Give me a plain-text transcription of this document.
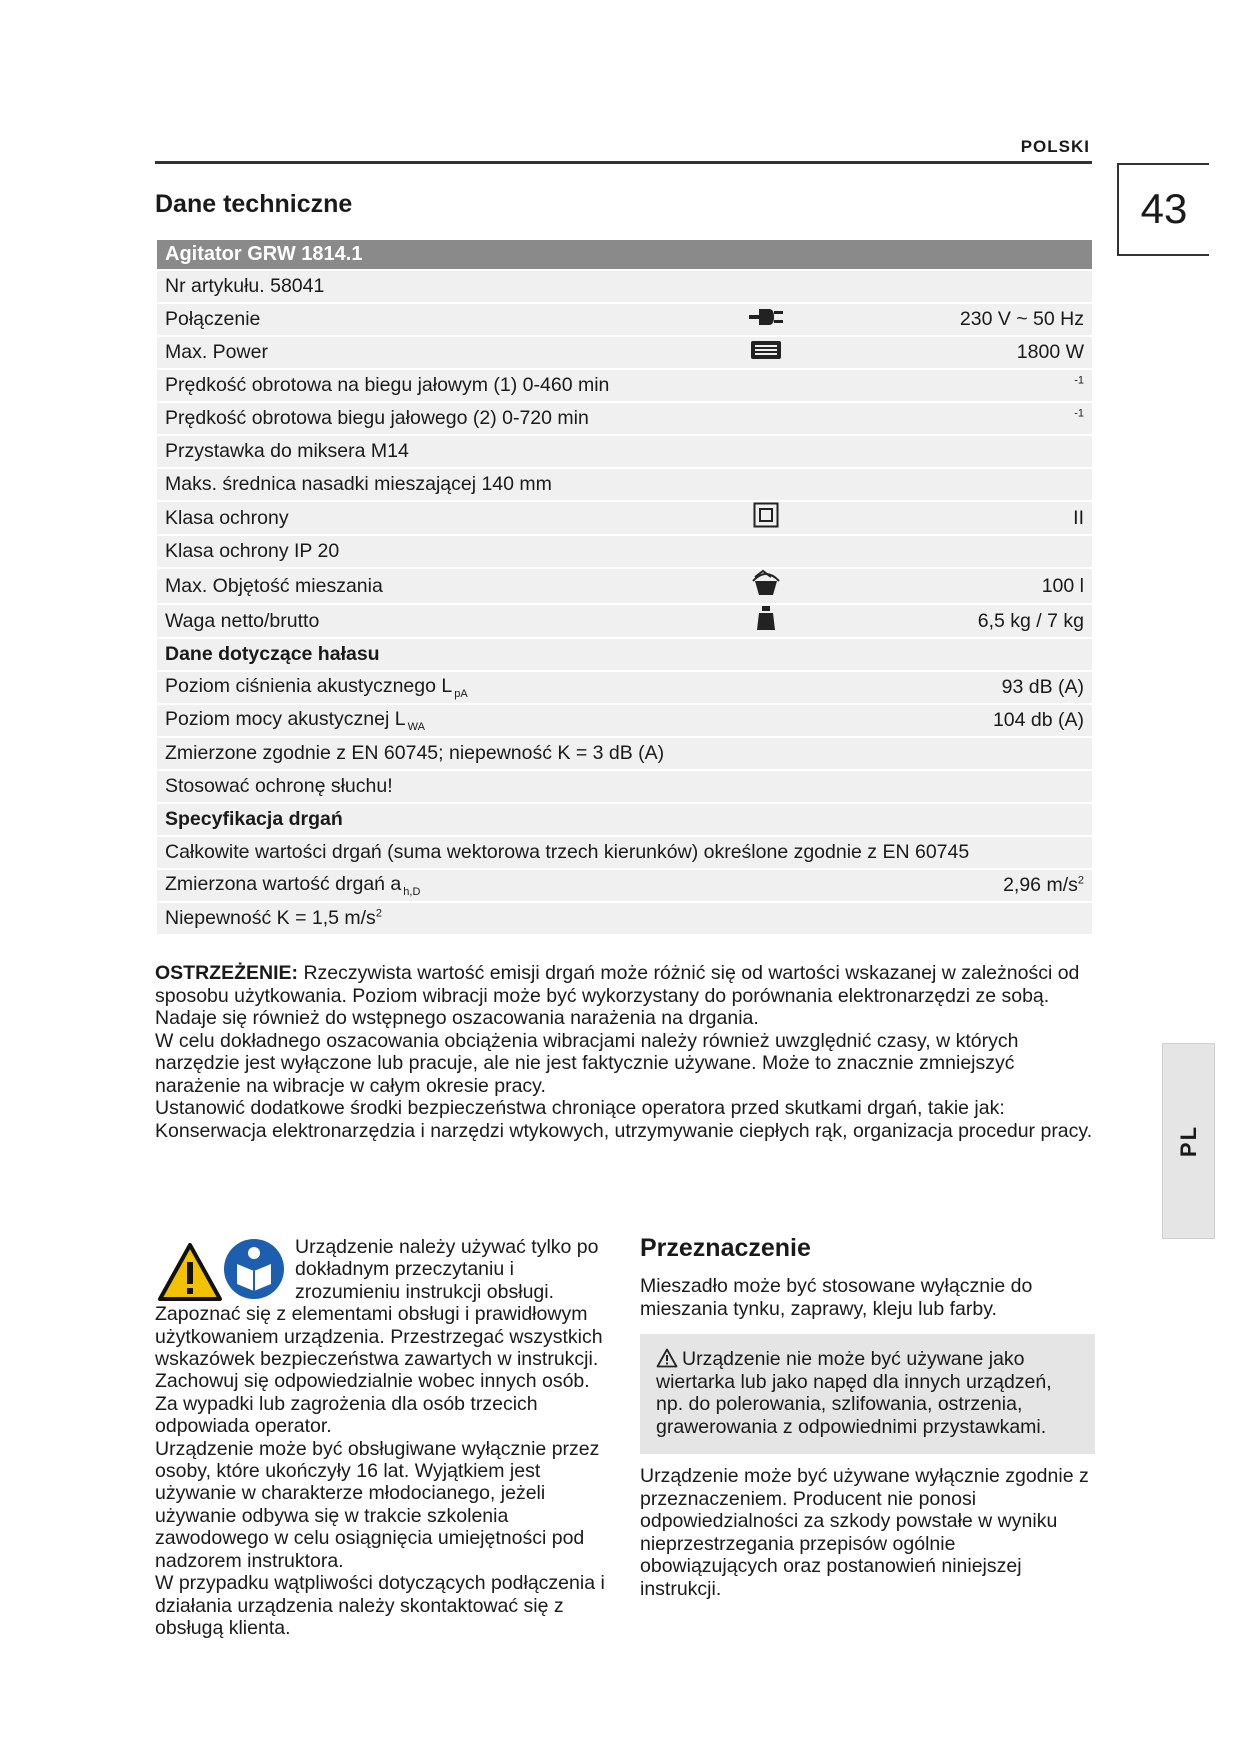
POLSKI
43
PL
Dane techniczne
Agitator GRW 1814.1		
Nr artykułu. 58041		
Połączenie		230 V ~ 50 Hz
Max. Power		1800 W
Prędkość obrotowa na biegu jałowym (1) 0-460 min		$^{-1}$
Prędkość obrotowa biegu jałowego (2) 0-720 min		$^{-1}$
Przystawka do miksera M14		
Maks. średnica nasadki mieszającej 140 mm		
Klasa ochrony		II
Klasa ochrony IP 20		
Max. Objętość mieszania		100 l
Waga netto/brutto		6,5 kg / 7 kg
Dane dotyczące hałasu		
Poziom ciśnienia akustycznego L $_{pA}$		93 dB (A)
Poziom mocy akustycznej L $_{WA}$		104 db (A)
Zmierzone zgodnie z EN 60745; niepewność K = 3 dB (A)		
Stosować ochronę słuchu!		
Specyfikacja drgań		
Całkowite wartości drgań (suma wektorowa trzech kierunków) określone zgodnie z EN 60745		
Zmierzona wartość drgań a $_{h,D}$		2,96 $m/s^2$
Niepewność K = 1,5 $m/s^2$

OSTRZEŻENIE: Rzeczywista wartość emisji drgań może różnić się od wartości wskazanej w zależności od sposobu użytkowania. Poziom wibracji może być wykorzystany do porównania elektronarzędzi ze sobą. Nadaje się również do wstępnego oszacowania narażenia na drgania.

W celu dokładnego oszacowania obciążenia wibracjami należy również uwzględnić czasy, w których narzędzie jest wyłączone lub pracuje, ale nie jest faktycznie używane. Może to znacznie zmniejszyć narażenie na wibracje w całym okresie pracy.

Ustanowić dodatkowe środki bezpieczeństwa chroniące operatora przed skutkami drgań, takie jak: Konserwacja elektronarzędzia i narzędzi wtykowych, utrzymywanie ciepłych rąk, organizacja procedur pracy.

Urządzenie należy używać tylko po dokładnym przeczytaniu i zrozumieniu instrukcji obsługi. Zapoznać się z elementami obsługi i prawidłowym użytkowaniem urządzenia. Przestrzegać wszystkich wskazówek bezpieczeństwa zawartych w instrukcji. Zachowuj się odpowiedzialnie wobec innych osób.

Za wypadki lub zagrożenia dla osób trzecich odpowiada operator.

Urządzenie może być obsługiwane wyłącznie przez osoby, które ukończyły 16 lat. Wyjątkiem jest używanie w charakterze młodocianego, jeżeli używanie odbywa się w trakcie szkolenia zawodowego w celu osiągnięcia umiejętności pod nadzorem instruktora.

W przypadku wątpliwości dotyczących podłączenia i działania urządzenia należy skontaktować się z obsługą klienta.

Przeznaczenie

Mieszadło może być stosowane wyłącznie do mieszania tynku, zaprawy, kleju lub farby.

Urządzenie nie może być używane jako wiertarka lub jako napęd dla innych urządzeń, np. do polerowania, szlifowania, ostrzenia, grawerowania z odpowiednimi przystawkami.

Urządzenie może być używane wyłącznie zgodnie z przeznaczeniem. Producent nie ponosi odpowiedzialności za szkody powstałe w wyniku nieprzestrzegania przepisów ogólnie obowiązujących oraz postanowień niniejszej instrukcji.
